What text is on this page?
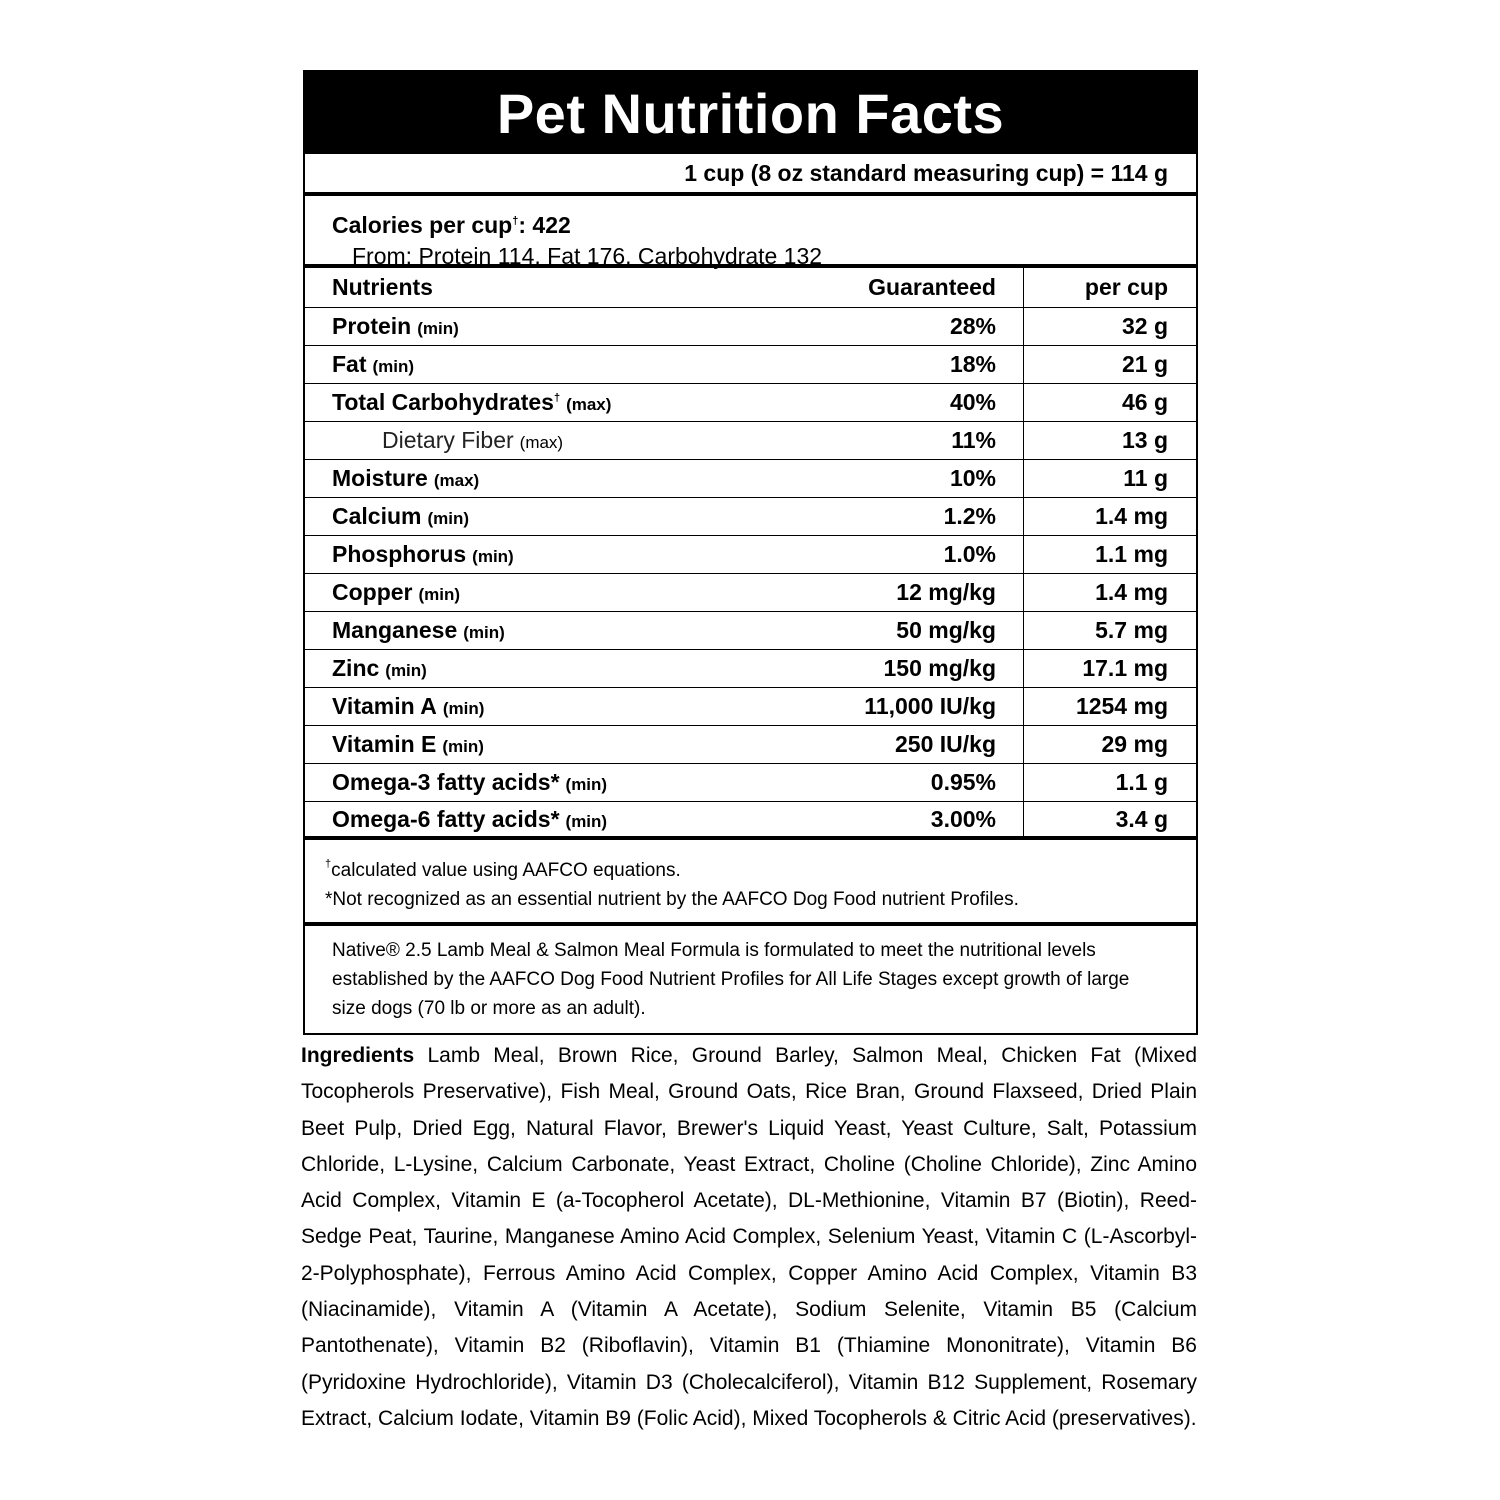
Pet Nutrition Facts
1 cup (8 oz standard measuring cup) = 114 g
Calories per cup†: 422
From: Protein 114, Fat 176, Carbohydrate 132
Nutrients	Guaranteed	per cup
Protein (min)	28%	32 g
Fat (min)	18%	21 g
Total Carbohydrates† (max)	40%	46 g
Dietary Fiber (max)	11%	13 g
Moisture (max)	10%	11 g
Calcium (min)	1.2%	1.4 mg
Phosphorus (min)	1.0%	1.1 mg
Copper (min)	12 mg/kg	1.4 mg
Manganese (min)	50 mg/kg	5.7 mg
Zinc (min)	150 mg/kg	17.1 mg
Vitamin A (min)	11,000 IU/kg	1254 mg
Vitamin E (min)	250 IU/kg	29 mg
Omega-3 fatty acids* (min)	0.95%	1.1 g
Omega-6 fatty acids* (min)	3.00%	3.4 g
†calculated value using AAFCO equations.
*Not recognized as an essential nutrient by the AAFCO Dog Food nutrient Profiles.
Native® 2.5 Lamb Meal & Salmon Meal Formula is formulated to meet the nutritional levels established by the AAFCO Dog Food Nutrient Profiles for All Life Stages except growth of large size dogs (70 lb or more as an adult).
Ingredients Lamb Meal, Brown Rice, Ground Barley, Salmon Meal, Chicken Fat (Mixed Tocopherols Preservative), Fish Meal, Ground Oats, Rice Bran, Ground Flaxseed, Dried Plain Beet Pulp, Dried Egg, Natural Flavor, Brewer's Liquid Yeast, Yeast Culture, Salt, Potassium Chloride, L-Lysine, Calcium Carbonate, Yeast Extract, Choline (Choline Chloride), Zinc Amino Acid Complex, Vitamin E (a-Tocopherol Acetate), DL-Methionine, Vitamin B7 (Biotin), Reed-Sedge Peat, Taurine, Manganese Amino Acid Complex, Selenium Yeast, Vitamin C (L-Ascorbyl-2-Polyphosphate), Ferrous Amino Acid Complex, Copper Amino Acid Complex, Vitamin B3 (Niacinamide), Vitamin A (Vitamin A Acetate), Sodium Selenite, Vitamin B5 (Calcium Pantothenate), Vitamin B2 (Riboflavin), Vitamin B1 (Thiamine Mononitrate), Vitamin B6 (Pyridoxine Hydrochloride), Vitamin D3 (Cholecalciferol), Vitamin B12 Supplement, Rosemary Extract, Calcium Iodate, Vitamin B9 (Folic Acid), Mixed Tocopherols & Citric Acid (preservatives).
